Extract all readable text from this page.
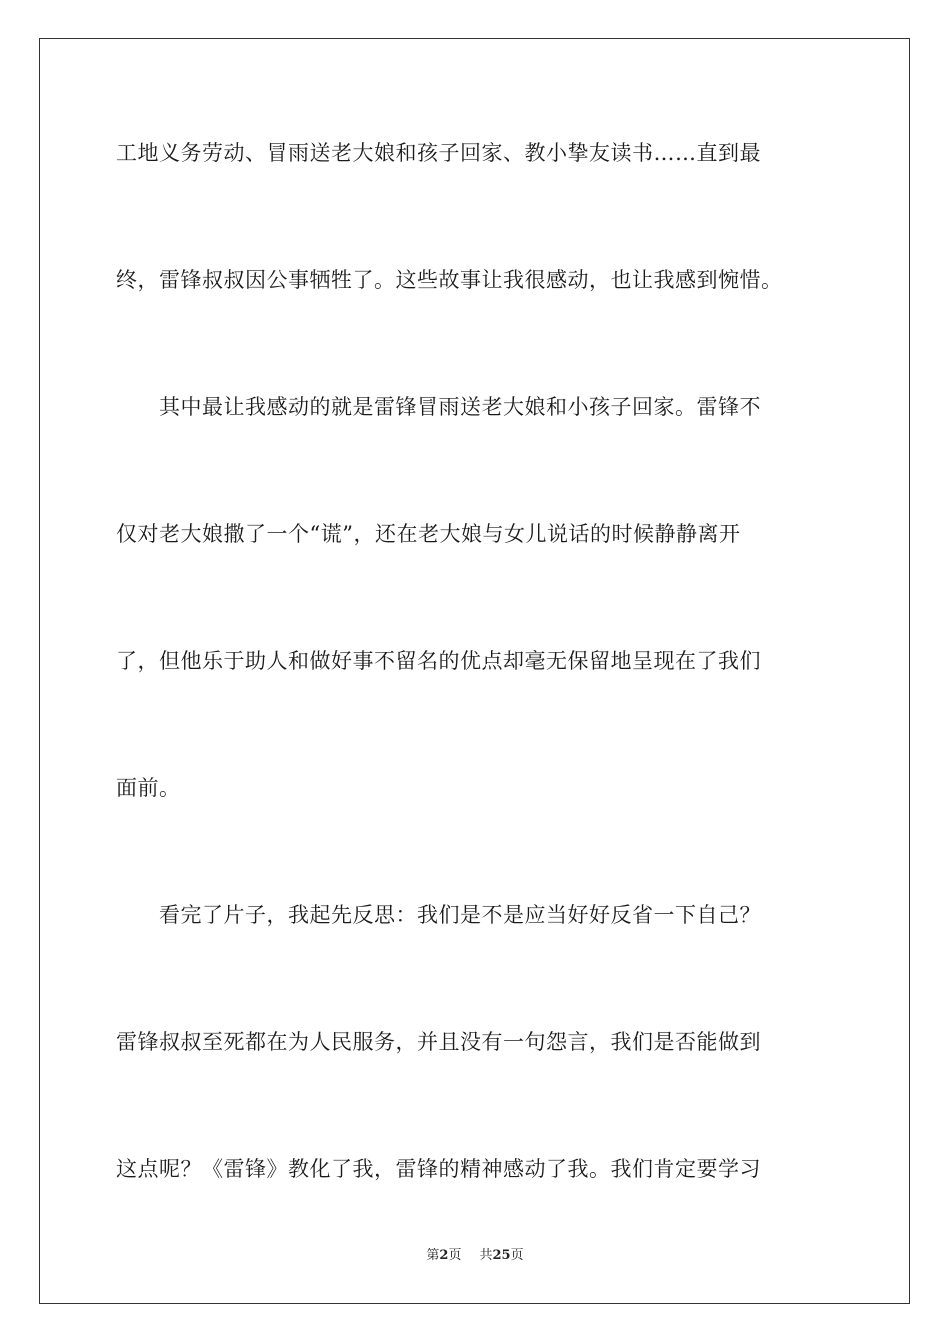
工地义务劳动、冒雨送老大娘和孩子回家、教小挚友读书……直到最
终，雷锋叔叔因公事牺牲了。这些故事让我很感动，也让我感到惋惜。
　　其中最让我感动的就是雷锋冒雨送老大娘和小孩子回家。雷锋不
仅对老大娘撒了一个“谎”，还在老大娘与女儿说话的时候静静离开
了，但他乐于助人和做好事不留名的优点却毫无保留地呈现在了我们
面前。
　　看完了片子，我起先反思：我们是不是应当好好反省一下自己？
雷锋叔叔至死都在为人民服务，并且没有一句怨言，我们是否能做到
这点呢？《雷锋》教化了我，雷锋的精神感动了我。我们肯定要学习
第2页 共25页
